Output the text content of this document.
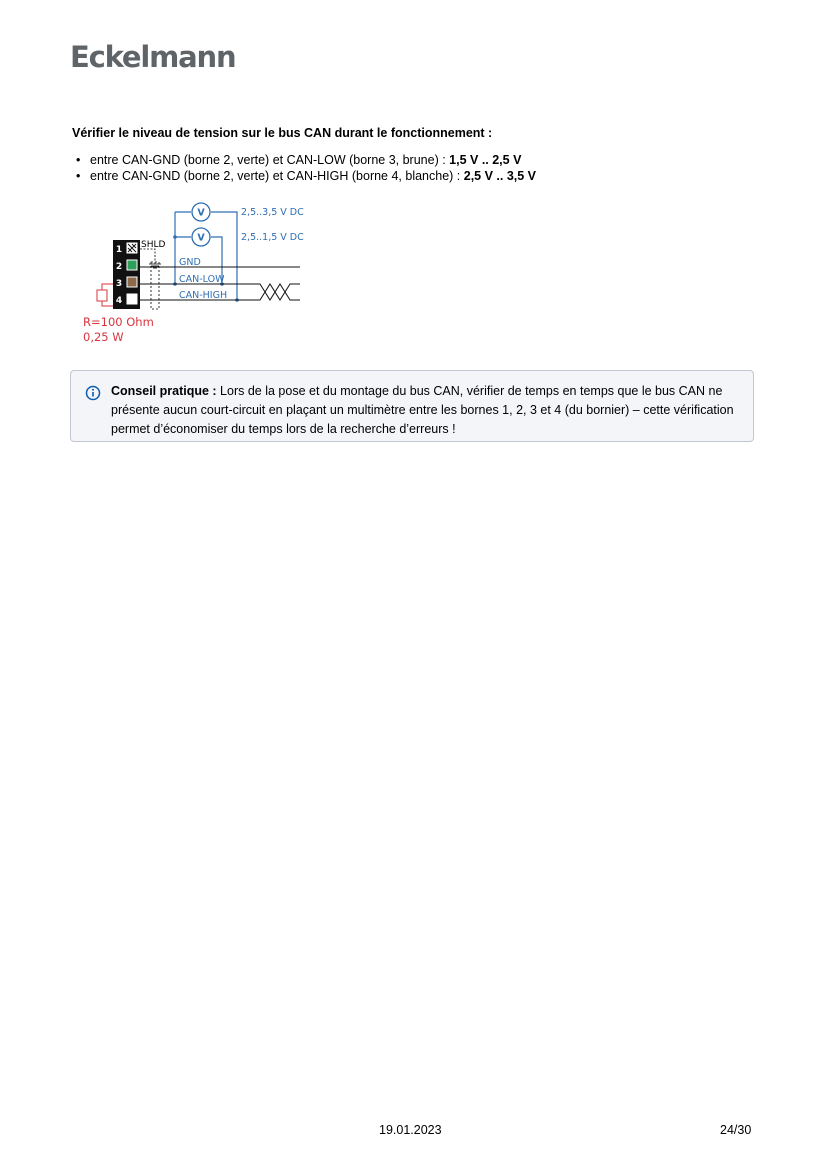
Eckelmann
Vérifier le niveau de tension sur le bus CAN durant le fonctionnement :
• entre CAN-GND (borne 2, verte) et CAN-LOW (borne 3, brune) : 1,5 V .. 2,5 V
• entre CAN-GND (borne 2, verte) et CAN-HIGH (borne 4, blanche) : 2,5 V .. 3,5 V
V
V
2,5..3,5 V DC
2,5..1,5 V DC
1
2
3
4
SHLD
GND
CAN-LOW
CAN-HIGH
R=100 Ohm
0,25 W
Conseil pratique : Lors de la pose et du montage du bus CAN, vérifier de temps en temps que le bus CAN ne présente aucun court-circuit en plaçant un multimètre entre les bornes 1, 2, 3 et 4 (du bornier) – cette vérification permet d’économiser du temps lors de la recherche d’erreurs !
19.01.2023	24/30
